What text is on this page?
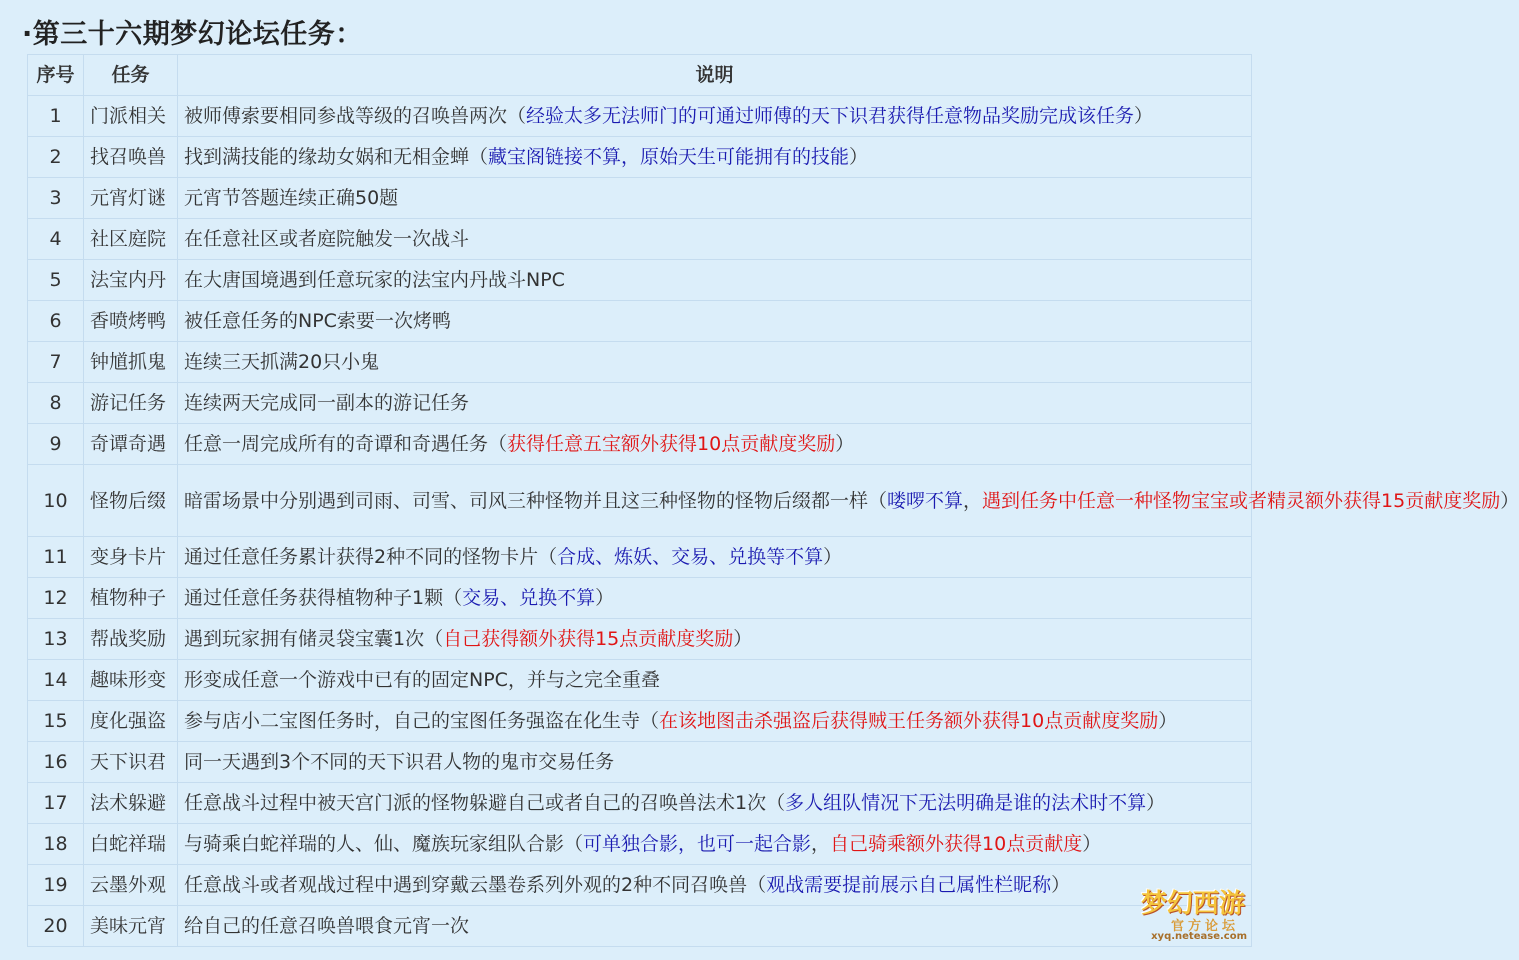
·第三十六期梦幻论坛任务：
序号	任务	说明
1	门派相关	被师傅索要相同参战等级的召唤兽两次（经验太多无法师门的可通过师傅的天下识君获得任意物品奖励完成该任务）
2	找召唤兽	找到满技能的缘劫女娲和无相金蝉（藏宝阁链接不算，原始天生可能拥有的技能）
3	元宵灯谜	元宵节答题连续正确50题
4	社区庭院	在任意社区或者庭院触发一次战斗
5	法宝内丹	在大唐国境遇到任意玩家的法宝内丹战斗NPC
6	香喷烤鸭	被任意任务的NPC索要一次烤鸭
7	钟馗抓鬼	连续三天抓满20只小鬼
8	游记任务	连续两天完成同一副本的游记任务
9	奇谭奇遇	任意一周完成所有的奇谭和奇遇任务（获得任意五宝额外获得10点贡献度奖励）
10	怪物后缀	暗雷场景中分别遇到司雨、司雪、司风三种怪物并且这三种怪物的怪物后缀都一样（喽啰不算，遇到任务中任意一种怪物宝宝或者精灵额外获得15贡献度奖励）
11	变身卡片	通过任意任务累计获得2种不同的怪物卡片（合成、炼妖、交易、兑换等不算）
12	植物种子	通过任意任务获得植物种子1颗（交易、兑换不算）
13	帮战奖励	遇到玩家拥有储灵袋宝囊1次（自己获得额外获得15点贡献度奖励）
14	趣味形变	形变成任意一个游戏中已有的固定NPC，并与之完全重叠
15	度化强盗	参与店小二宝图任务时，自己的宝图任务强盗在化生寺（在该地图击杀强盗后获得贼王任务额外获得10点贡献度奖励）
16	天下识君	同一天遇到3个不同的天下识君人物的鬼市交易任务
17	法术躲避	任意战斗过程中被天宫门派的怪物躲避自己或者自己的召唤兽法术1次（多人组队情况下无法明确是谁的法术时不算）
18	白蛇祥瑞	与骑乘白蛇祥瑞的人、仙、魔族玩家组队合影（可单独合影，也可一起合影，自己骑乘额外获得10点贡献度）
19	云墨外观	任意战斗或者观战过程中遇到穿戴云墨卷系列外观的2种不同召唤兽（观战需要提前展示自己属性栏昵称）
20	美味元宵	给自己的任意召唤兽喂食元宵一次
梦幻西游
官方论坛
xyq.netease.com
